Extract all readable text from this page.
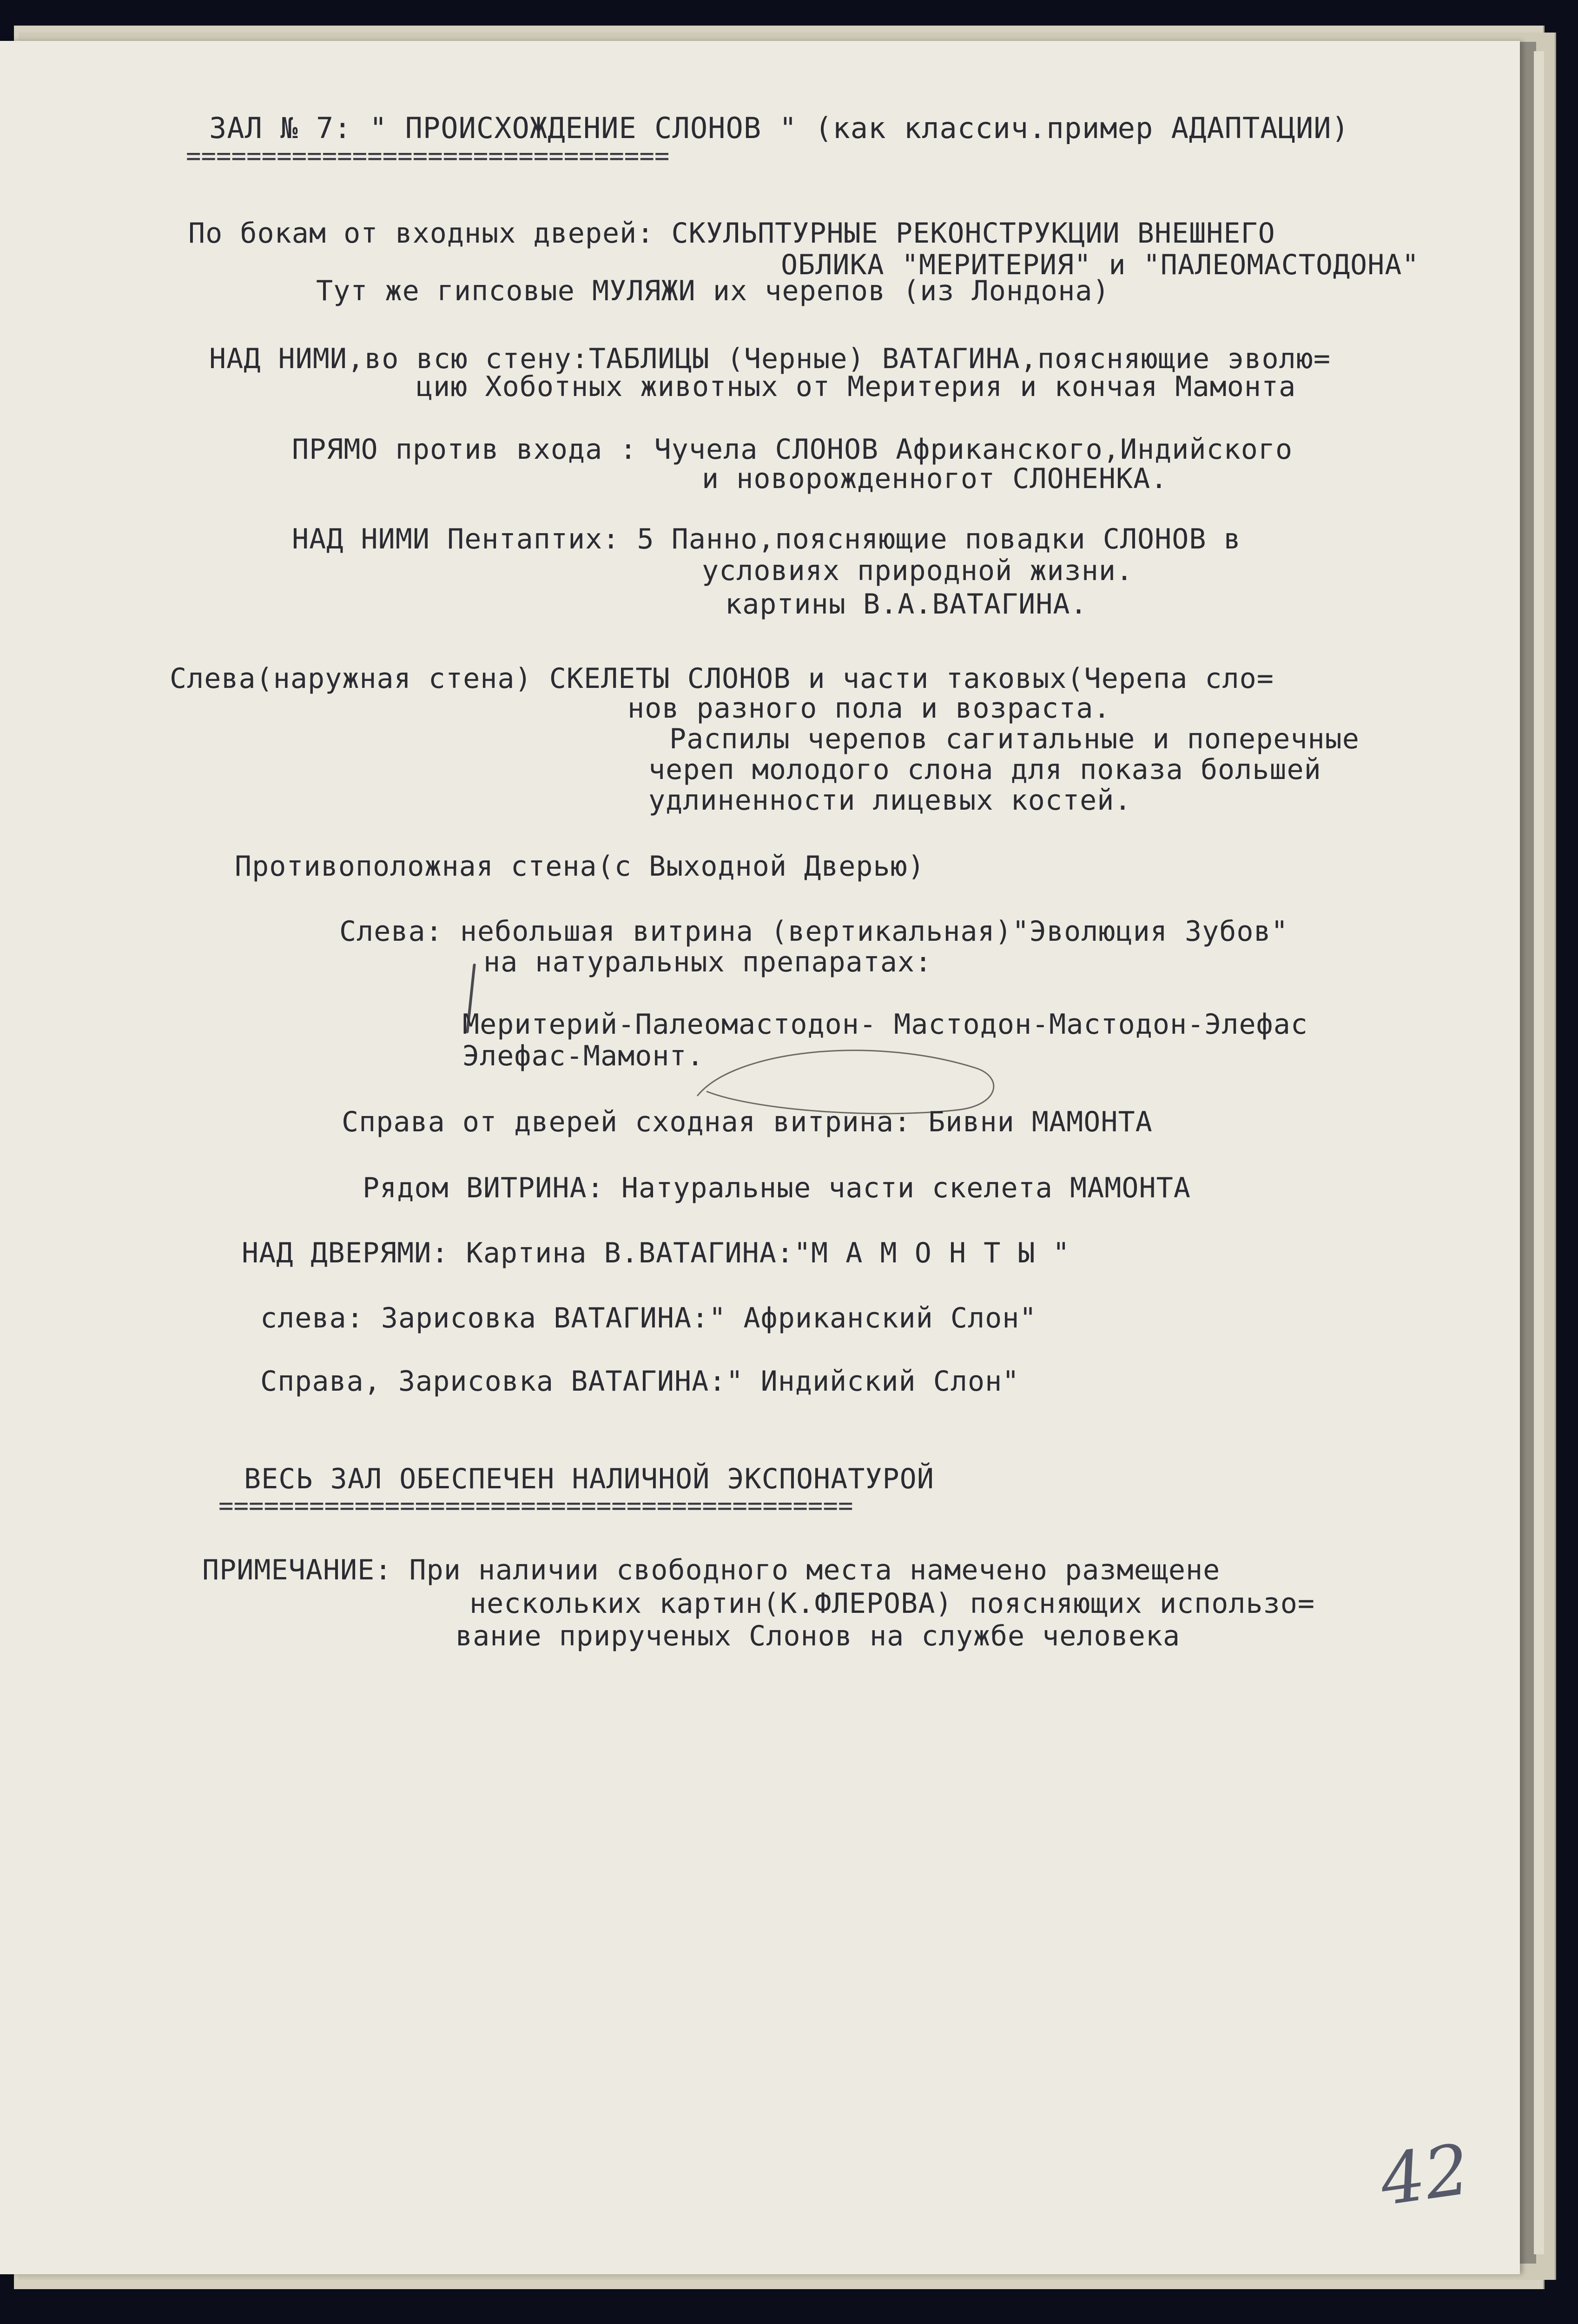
ЗАЛ № 7: " ПРОИСХОЖДЕНИЕ СЛОНОВ " (как классич.пример АДАПТАЦИИ)
================================
По бокам от входных дверей: СКУЛЬПТУРНЫЕ РЕКОНСТРУКЦИИ ВНЕШНЕГО
ОБЛИКА "МЕРИТЕРИЯ" и "ПАЛЕОМАСТОДОНА"
Тут же гипсовые МУЛЯЖИ их черепов (из Лондона)
НАД НИМИ,во всю стену:ТАБЛИЦЫ (Черные) ВАТАГИНА,поясняющие эволю=
цию Хоботных животных от Меритерия и кончая Мамонта
ПРЯМО против входа : Чучела СЛОНОВ Африканского,Индийского
и новорожденногот СЛОНЕНКА.
НАД НИМИ Пентаптих: 5 Панно,поясняющие повадки СЛОНОВ в
условиях природной жизни.
картины В.А.ВАТАГИНА.
Слева(наружная стена) СКЕЛЕТЫ СЛОНОВ и части таковых(Черепа сло=
нов разного пола и возраста.
Распилы черепов сагитальные и поперечные
череп молодого слона для показа большей
удлиненности лицевых костей.
Противоположная стена(с Выходной Дверью)
Слева: небольшая витрина (вертикальная)"Эволюция Зубов"
на натуральных препаратах:
Меритерий-Палеомастодон- Мастодон-Мастодон-Элефас
Элефас-Мамонт.
Справа от дверей сходная витрина: Бивни МАМОНТА
Рядом ВИТРИНА: Натуральные части скелета МАМОНТА
НАД ДВЕРЯМИ: Картина В.ВАТАГИНА:"М А М О Н Т Ы "
слева: Зарисовка ВАТАГИНА:" Африканский Слон"
Справа, Зарисовка ВАТАГИНА:" Индийский Слон"
ВЕСЬ ЗАЛ ОБЕСПЕЧЕН НАЛИЧНОЙ ЭКСПОНАТУРОЙ
==========================================
ПРИМЕЧАНИЕ: При наличии свободного места намечено размещене
нескольких картин(К.ФЛЕРОВА) поясняющих использо=
вание прирученых Слонов на службе человека
42
